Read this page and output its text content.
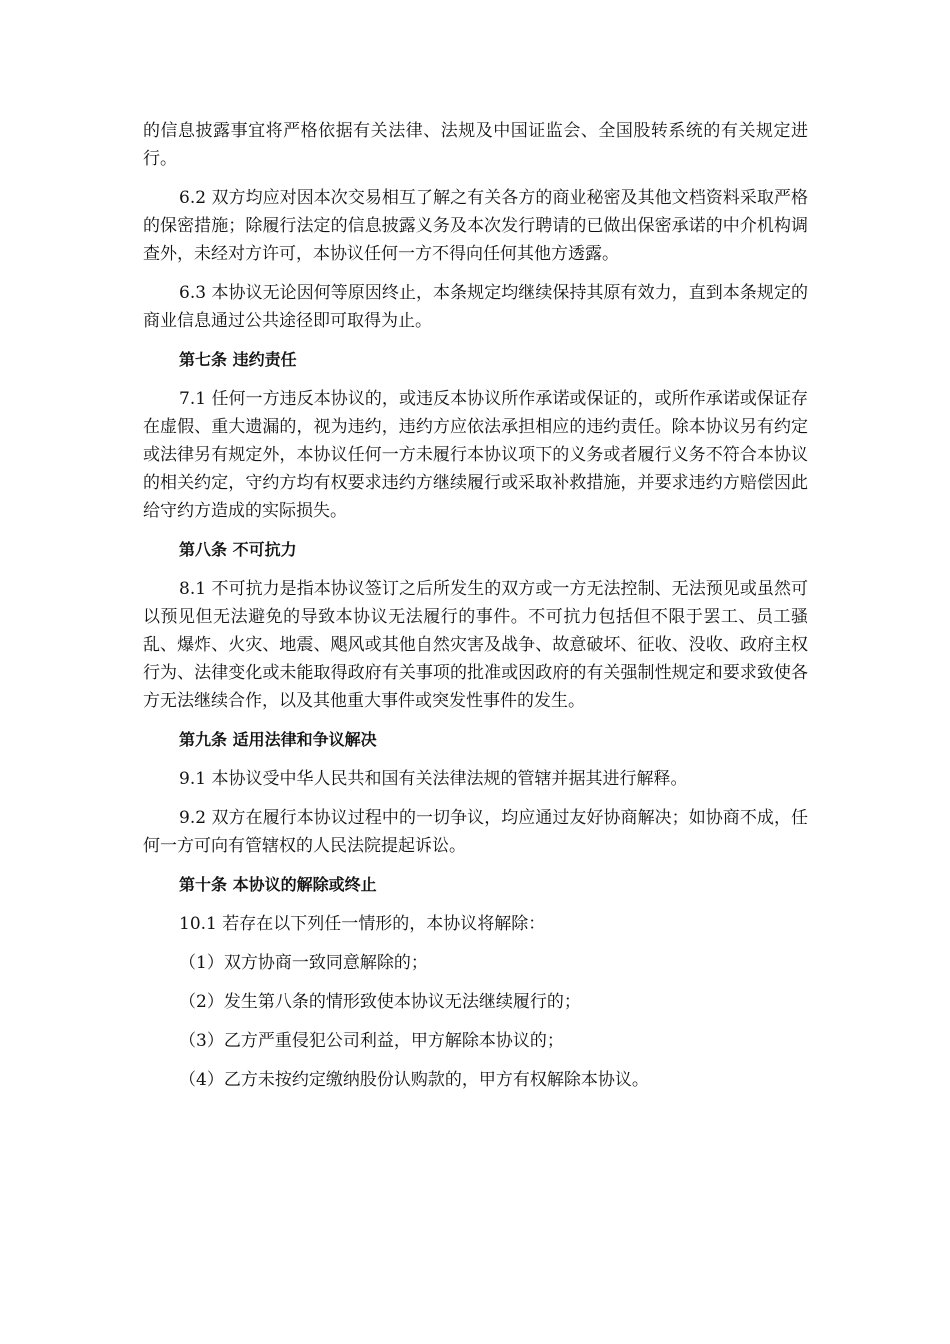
的信息披露事宜将严格依据有关法律、法规及中国证监会、全国股转系统的有关规定进行。

6.2 双方均应对因本次交易相互了解之有关各方的商业秘密及其他文档资料采取严格的保密措施；除履行法定的信息披露义务及本次发行聘请的已做出保密承诺的中介机构调查外，未经对方许可，本协议任何一方不得向任何其他方透露。

6.3 本协议无论因何等原因终止，本条规定均继续保持其原有效力，直到本条规定的商业信息通过公共途径即可取得为止。

第七条 违约责任

7.1 任何一方违反本协议的，或违反本协议所作承诺或保证的，或所作承诺或保证存在虚假、重大遗漏的，视为违约，违约方应依法承担相应的违约责任。除本协议另有约定或法律另有规定外，本协议任何一方未履行本协议项下的义务或者履行义务不符合本协议的相关约定，守约方均有权要求违约方继续履行或采取补救措施，并要求违约方赔偿因此给守约方造成的实际损失。

第八条 不可抗力

8.1 不可抗力是指本协议签订之后所发生的双方或一方无法控制、无法预见或虽然可以预见但无法避免的导致本协议无法履行的事件。不可抗力包括但不限于罢工、员工骚乱、爆炸、火灾、地震、飓风或其他自然灾害及战争、故意破坏、征收、没收、政府主权行为、法律变化或未能取得政府有关事项的批准或因政府的有关强制性规定和要求致使各方无法继续合作，以及其他重大事件或突发性事件的发生。

第九条 适用法律和争议解决

9.1 本协议受中华人民共和国有关法律法规的管辖并据其进行解释。

9.2 双方在履行本协议过程中的一切争议，均应通过友好协商解决；如协商不成，任何一方可向有管辖权的人民法院提起诉讼。

第十条 本协议的解除或终止

10.1 若存在以下列任一情形的，本协议将解除：

（1）双方协商一致同意解除的；
（2）发生第八条的情形致使本协议无法继续履行的；
（3）乙方严重侵犯公司利益，甲方解除本协议的；
（4）乙方未按约定缴纳股份认购款的，甲方有权解除本协议。
